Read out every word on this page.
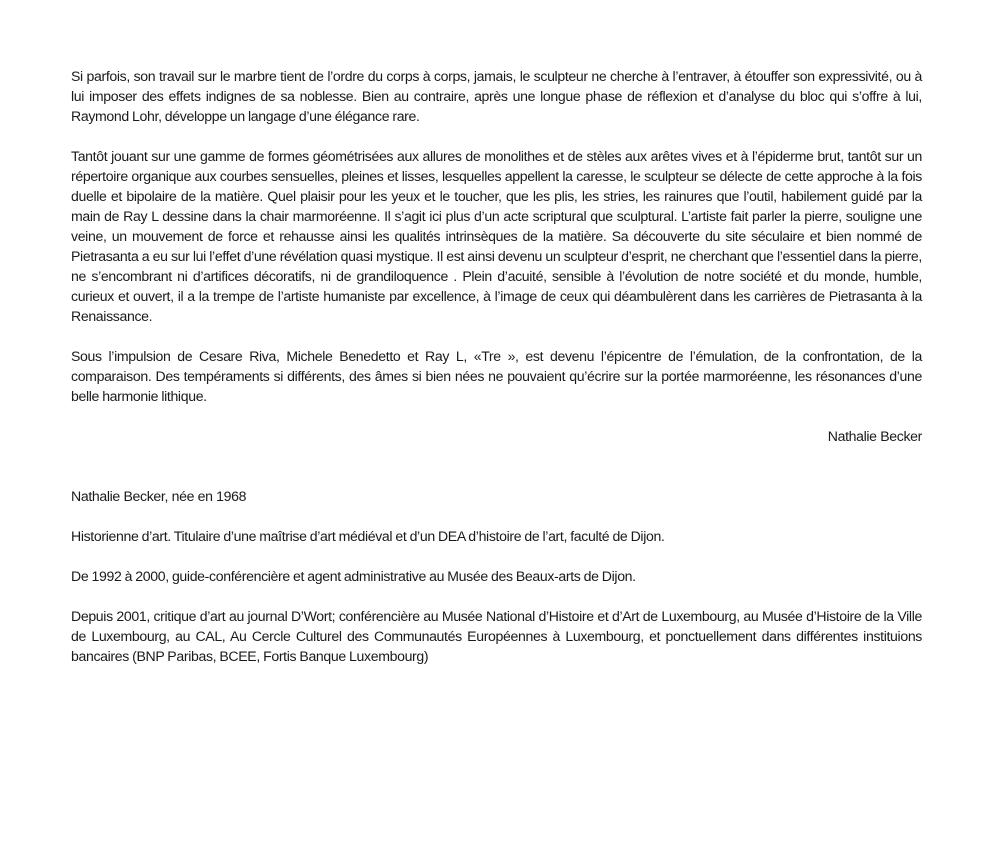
Si parfois, son travail sur le marbre tient de l’ordre du corps à corps, jamais, le sculpteur ne cherche à l’entraver, à étouffer son expressivité, ou à lui imposer des effets indignes de sa noblesse. Bien au contraire, après une longue phase de réflexion et d’analyse du bloc qui s’offre à lui, Raymond Lohr, développe un langage d’une élégance rare.

Tantôt jouant sur une gamme de formes géométrisées aux allures de monolithes et de stèles aux arêtes vives et à l’épiderme brut, tantôt sur un répertoire organique aux courbes sensuelles, pleines et lisses, lesquelles appellent la caresse, le sculpteur se délecte de cette approche à la fois duelle et bipolaire de la matière. Quel plaisir pour les yeux et le toucher, que les plis, les stries, les rainures que l’outil, habilement guidé par la main de Ray L dessine dans la chair marmoréenne. Il s’agit ici plus d’un acte scriptural que sculptural. L’artiste fait parler la pierre, souligne une veine, un mouvement de force et rehausse ainsi les qualités intrinsèques de la matière. Sa découverte du site séculaire et bien nommé de Pietrasanta a eu sur lui l’effet d’une révélation quasi mystique. Il est ainsi devenu un sculpteur d’esprit, ne cherchant que l’essentiel dans la pierre, ne s’encombrant ni d’artifices décoratifs, ni de grandiloquence . Plein d’acuité, sensible à l’évolution de notre société et du monde, humble, curieux et ouvert, il a la trempe de l’artiste humaniste par excellence, à l’image de ceux qui déambulèrent dans les carrières de Pietrasanta à la Renaissance.

Sous l’impulsion de Cesare Riva, Michele Benedetto et Ray L, «Tre », est devenu l’épicentre de l’émulation, de la confrontation, de la comparaison. Des tempéraments si différents, des âmes si bien nées ne pouvaient qu’écrire sur la portée marmoréenne, les résonances d’une belle harmonie lithique.

Nathalie Becker

Nathalie Becker, née en 1968

Historienne d’art. Titulaire d’une maîtrise d’art médiéval et d’un DEA d’histoire de l’art, faculté de Dijon.

De 1992 à 2000, guide-conférencière et agent administrative au Musée des Beaux-arts de Dijon.

Depuis 2001, critique d’art au journal D’Wort; conférencière au Musée National d’Histoire et d’Art de Luxembourg, au Musée d’Histoire de la Ville de Luxembourg, au CAL, Au Cercle Culturel des Communautés Européennes à Luxembourg, et ponctuellement dans différentes instituions bancaires (BNP Paribas, BCEE, Fortis Banque Luxembourg)
